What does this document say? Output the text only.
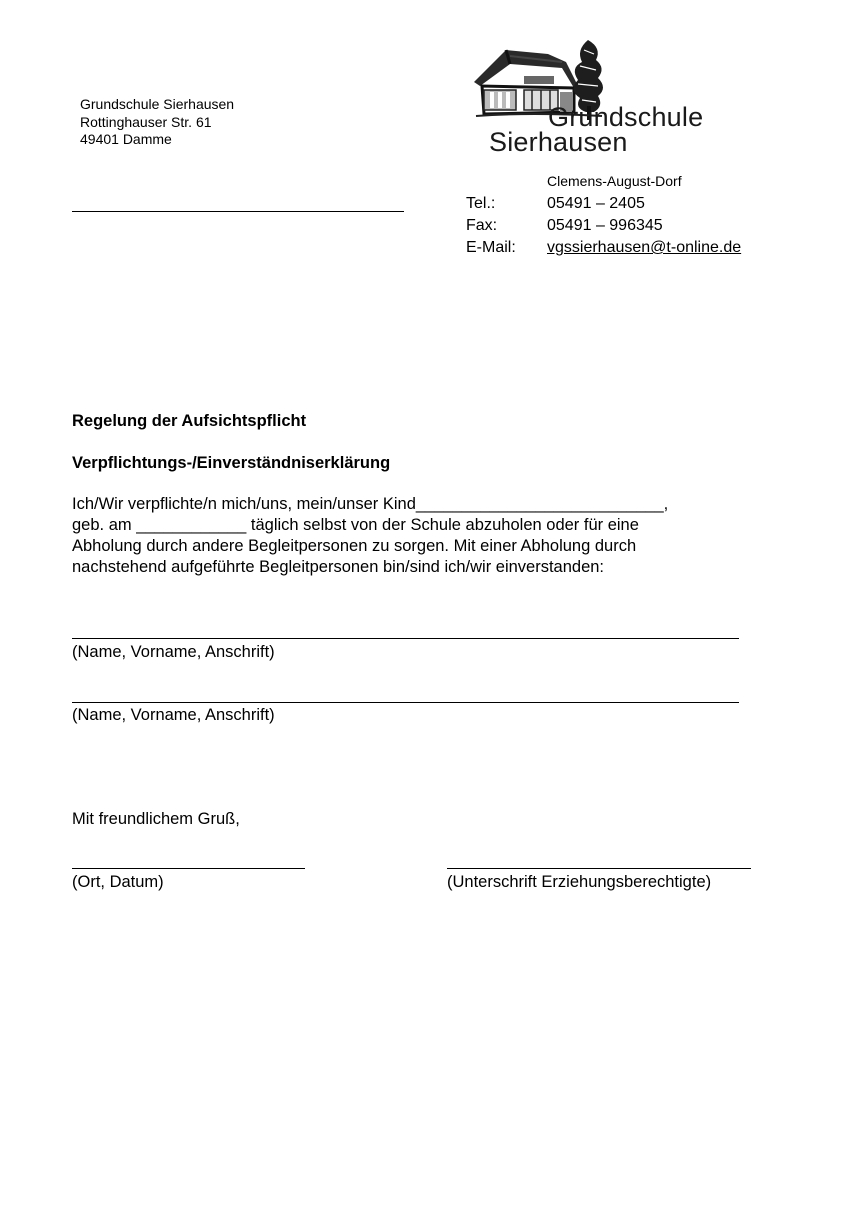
Grundschule Sierhausen
Rottinghauser Str. 61
49401 Damme
Grundschule
Sierhausen
Clemens-August-Dorf
Tel.:	05491 – 2405
Fax:	05491 – 996345
E-Mail: vgssierhausen@t-online.de
Regelung der Aufsichtspflicht
Verpflichtungs-/Einverständniserklärung
Ich/Wir verpflichte/n mich/uns, mein/unser Kind___________________________,
geb. am ____________ täglich selbst von der Schule abzuholen oder für eine
Abholung durch andere Begleitpersonen zu sorgen. Mit einer Abholung durch
nachstehend aufgeführte Begleitpersonen bin/sind ich/wir einverstanden:
(Name, Vorname, Anschrift)
(Name, Vorname, Anschrift)
Mit freundlichem Gruß,
(Ort, Datum)	(Unterschrift Erziehungsberechtigte)
